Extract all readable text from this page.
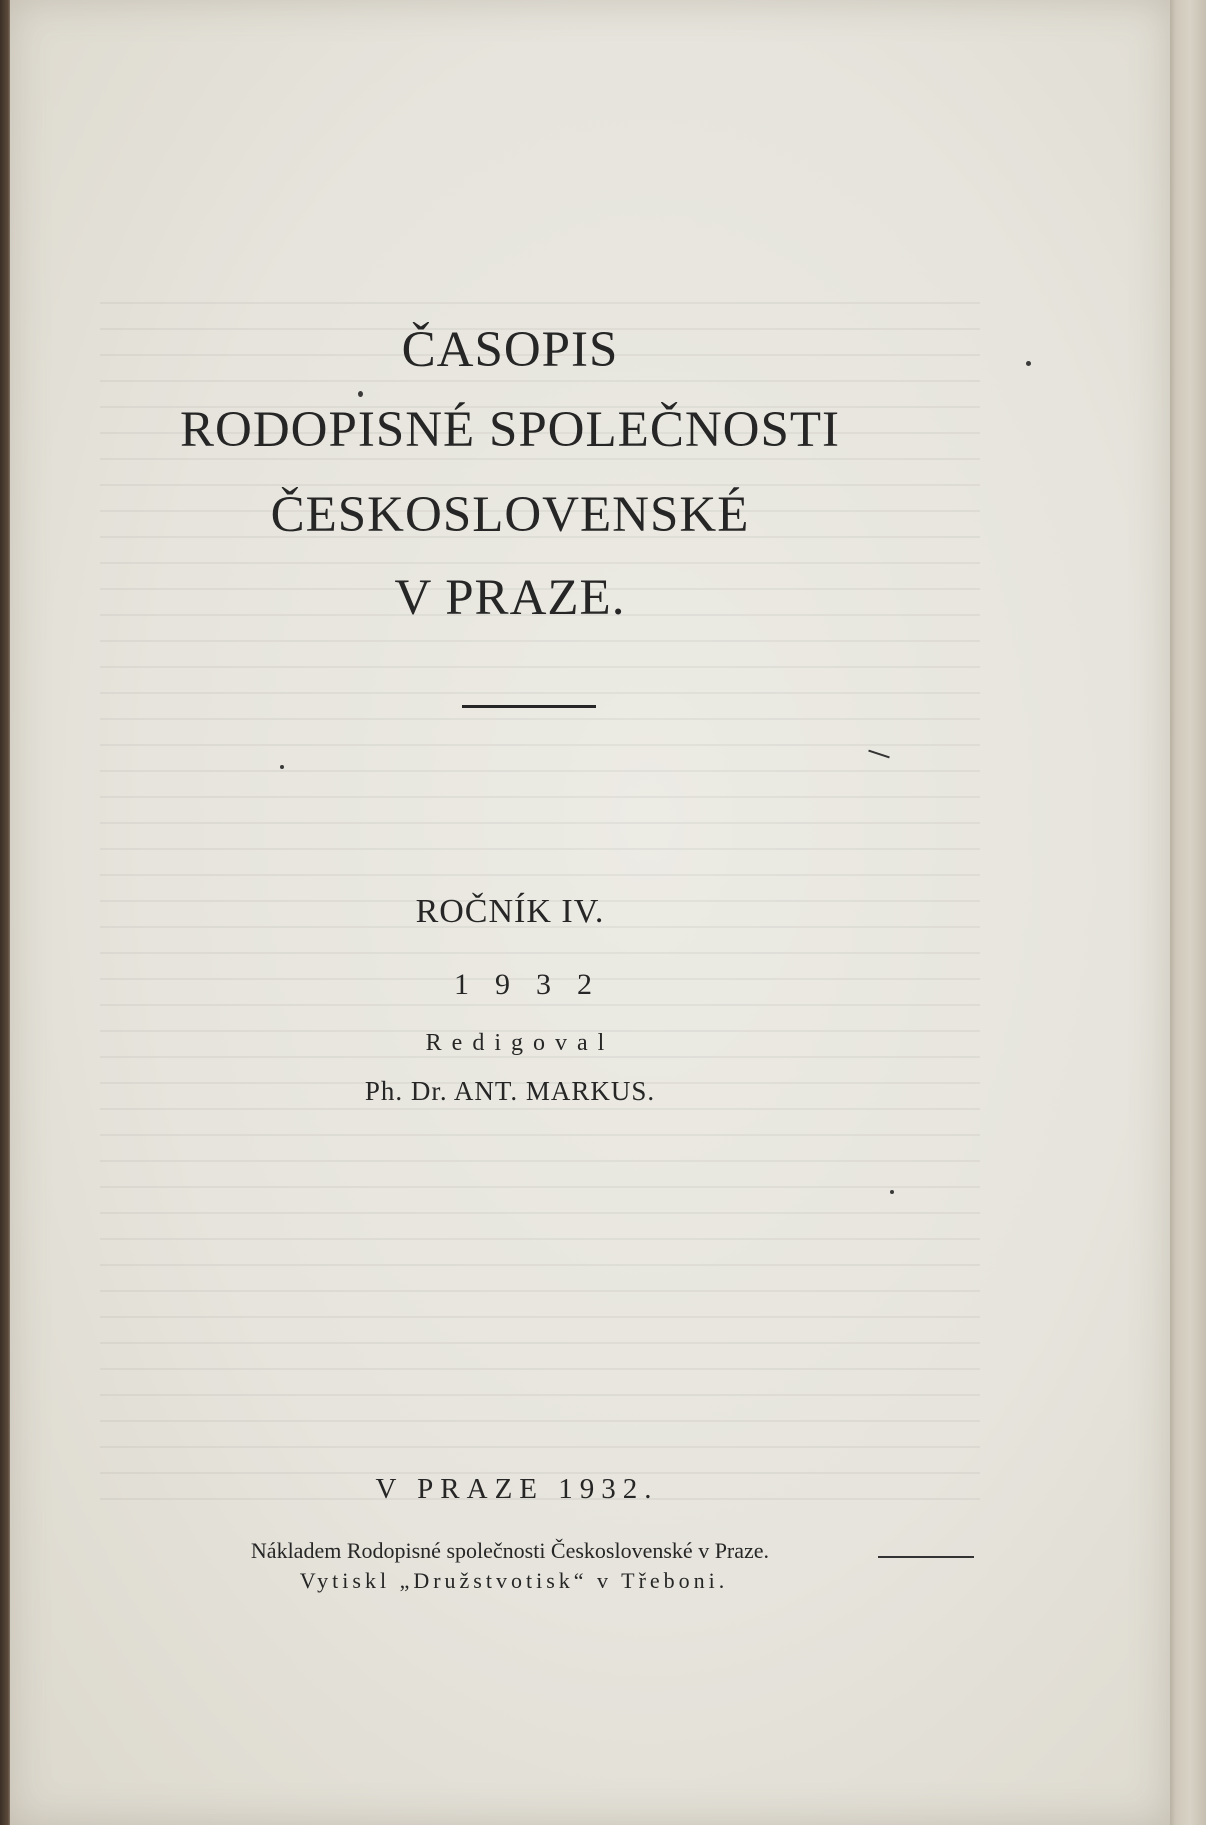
ČASOPIS
RODOPISNÉ SPOLEČNOSTI
ČESKOSLOVENSKÉ
V PRAZE.
ROČNÍK IV.
1932
Redigoval
Ph. Dr. ANT. MARKUS.
V PRAZE 1932.
Nákladem Rodopisné společnosti Československé v Praze.
Vytiskl „Družstvotisk“ v Třeboni.
